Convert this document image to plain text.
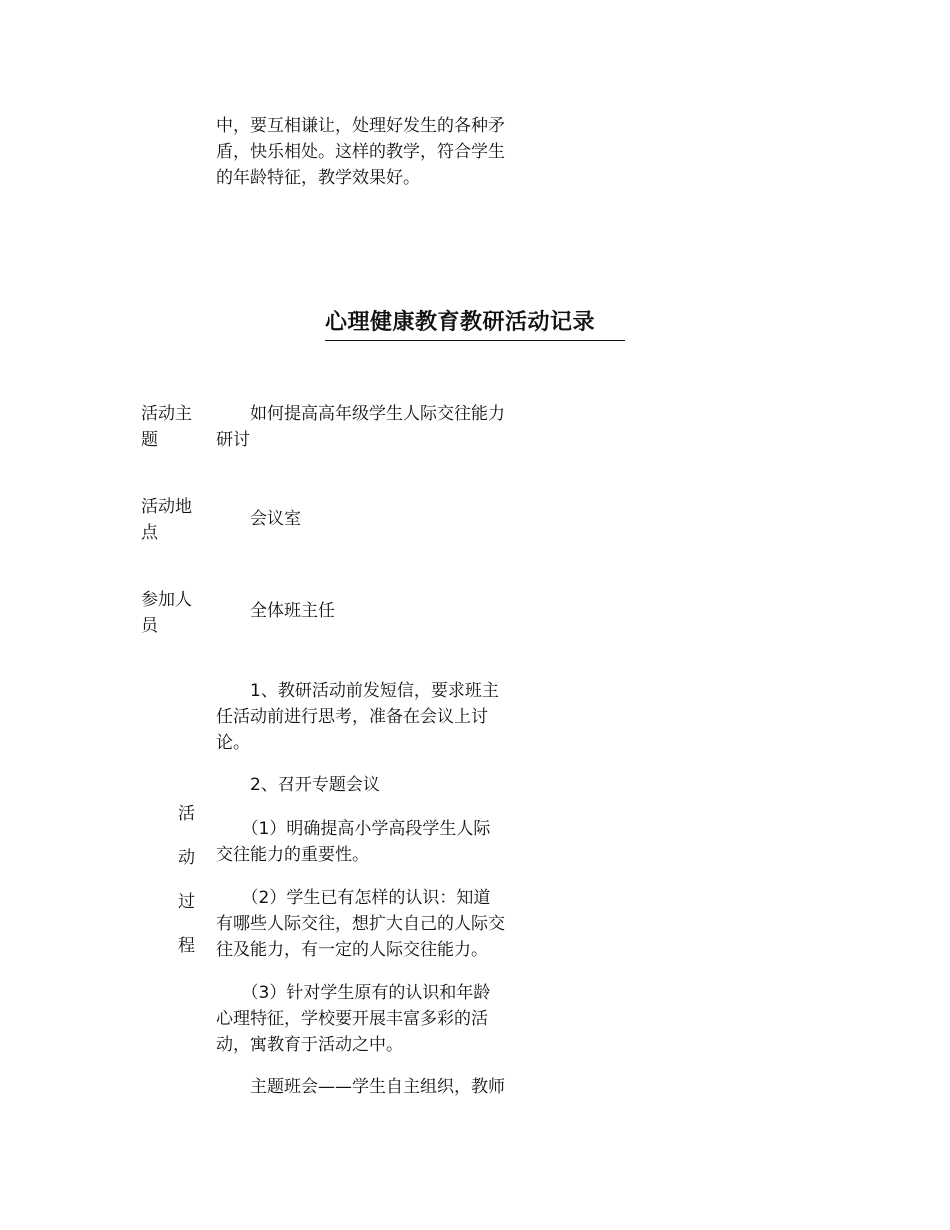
中，要互相谦让，处理好发生的各种矛
盾，快乐相处。这样的教学，符合学生
的年龄特征，教学效果好。
心理健康教育教研活动记录
活动主
题
　　如何提高高年级学生人际交往能力
研讨
活动地
点
　　会议室
参加人
员
　　全体班主任
活
动
过
程
　　1、教研活动前发短信，要求班主
任活动前进行思考，准备在会议上讨
论。
　　2、召开专题会议
　　（1）明确提高小学高段学生人际
交往能力的重要性。
　　（2）学生已有怎样的认识：知道
有哪些人际交往，想扩大自己的人际交
往及能力，有一定的人际交往能力。
　　（3）针对学生原有的认识和年龄
心理特征，学校要开展丰富多彩的活
动，寓教育于活动之中。
　　主题班会——学生自主组织，教师
